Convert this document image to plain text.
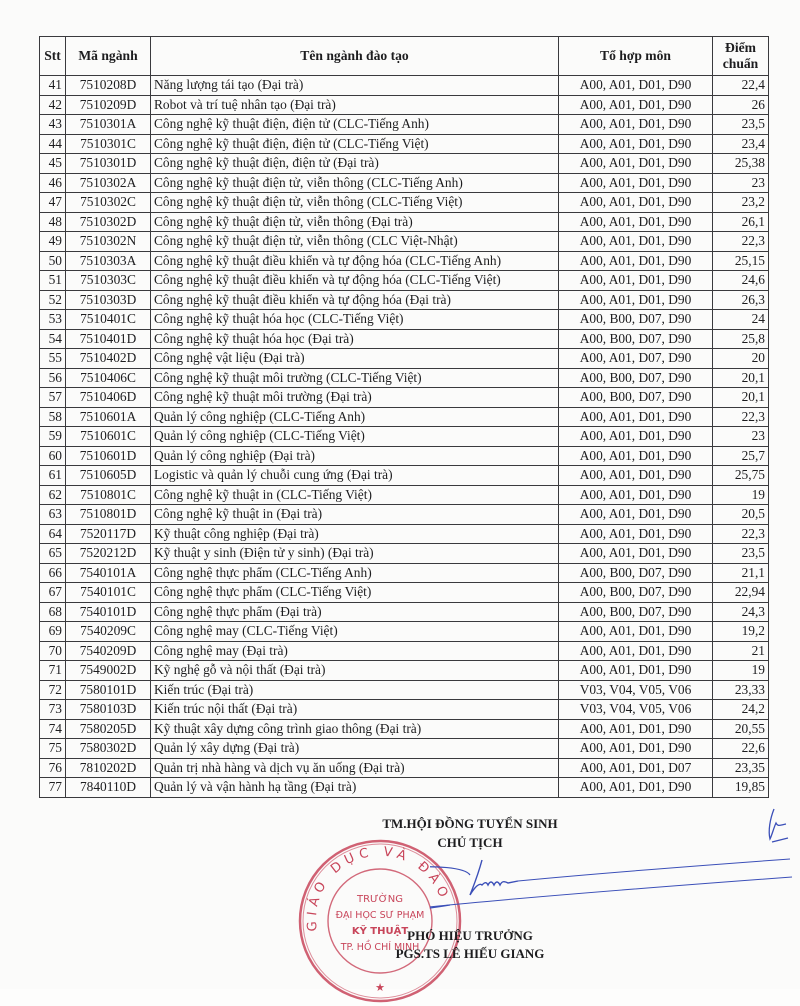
Stt	Mã ngành	Tên ngành đào tạo	Tổ hợp môn	Điểm
chuẩn

41	7510208D	Năng lượng tái tạo (Đại trà)	A00, A01, D01, D90	22,4
42	7510209D	Robot và trí tuệ nhân tạo (Đại trà)	A00, A01, D01, D90	26
43	7510301A	Công nghệ kỹ thuật điện, điện tử (CLC-Tiếng Anh)	A00, A01, D01, D90	23,5
44	7510301C	Công nghệ kỹ thuật điện, điện tử (CLC-Tiếng Việt)	A00, A01, D01, D90	23,4
45	7510301D	Công nghệ kỹ thuật điện, điện tử (Đại trà)	A00, A01, D01, D90	25,38
46	7510302A	Công nghệ kỹ thuật điện tử, viễn thông (CLC-Tiếng Anh)	A00, A01, D01, D90	23
47	7510302C	Công nghệ kỹ thuật điện tử, viễn thông (CLC-Tiếng Việt)	A00, A01, D01, D90	23,2
48	7510302D	Công nghệ kỹ thuật điện tử, viễn thông (Đại trà)	A00, A01, D01, D90	26,1
49	7510302N	Công nghệ kỹ thuật điện tử, viễn thông (CLC Việt-Nhật)	A00, A01, D01, D90	22,3
50	7510303A	Công nghệ kỹ thuật điều khiển và tự động hóa (CLC-Tiếng Anh)	A00, A01, D01, D90	25,15
51	7510303C	Công nghệ kỹ thuật điều khiển và tự động hóa (CLC-Tiếng Việt)	A00, A01, D01, D90	24,6
52	7510303D	Công nghệ kỹ thuật điều khiển và tự động hóa (Đại trà)	A00, A01, D01, D90	26,3
53	7510401C	Công nghệ kỹ thuật hóa học (CLC-Tiếng Việt)	A00, B00, D07, D90	24
54	7510401D	Công nghệ kỹ thuật hóa học (Đại trà)	A00, B00, D07, D90	25,8
55	7510402D	Công nghệ vật liệu (Đại trà)	A00, A01, D07, D90	20
56	7510406C	Công nghệ kỹ thuật môi trường (CLC-Tiếng Việt)	A00, B00, D07, D90	20,1
57	7510406D	Công nghệ kỹ thuật môi trường (Đại trà)	A00, B00, D07, D90	20,1
58	7510601A	Quản lý công nghiệp (CLC-Tiếng Anh)	A00, A01, D01, D90	22,3
59	7510601C	Quản lý công nghiệp (CLC-Tiếng Việt)	A00, A01, D01, D90	23
60	7510601D	Quản lý công nghiệp (Đại trà)	A00, A01, D01, D90	25,7
61	7510605D	Logistic và quản lý chuỗi cung ứng (Đại trà)	A00, A01, D01, D90	25,75
62	7510801C	Công nghệ kỹ thuật in (CLC-Tiếng Việt)	A00, A01, D01, D90	19
63	7510801D	Công nghệ kỹ thuật in (Đại trà)	A00, A01, D01, D90	20,5
64	7520117D	Kỹ thuật công nghiệp (Đại trà)	A00, A01, D01, D90	22,3
65	7520212D	Kỹ thuật y sinh (Điện tử y sinh) (Đại trà)	A00, A01, D01, D90	23,5
66	7540101A	Công nghệ thực phẩm (CLC-Tiếng Anh)	A00, B00, D07, D90	21,1
67	7540101C	Công nghệ thực phẩm (CLC-Tiếng Việt)	A00, B00, D07, D90	22,94
68	7540101D	Công nghệ thực phẩm (Đại trà)	A00, B00, D07, D90	24,3
69	7540209C	Công nghệ may (CLC-Tiếng Việt)	A00, A01, D01, D90	19,2
70	7540209D	Công nghệ may (Đại trà)	A00, A01, D01, D90	21
71	7549002D	Kỹ nghệ gỗ và nội thất (Đại trà)	A00, A01, D01, D90	19
72	7580101D	Kiến trúc (Đại trà)	V03, V04, V05, V06	23,33
73	7580103D	Kiến trúc nội thất (Đại trà)	V03, V04, V05, V06	24,2
74	7580205D	Kỹ thuật xây dựng công trình giao thông (Đại trà)	A00, A01, D01, D90	20,55
75	7580302D	Quản lý xây dựng (Đại trà)	A00, A01, D01, D90	22,6
76	7810202D	Quản trị nhà hàng và dịch vụ ăn uống (Đại trà)	A00, A01, D01, D07	23,35
77	7840110D	Quản lý và vận hành hạ tầng (Đại trà)	A00, A01, D01, D90	19,85
TM.HỘI ĐỒNG TUYỂN SINH
CHỦ TỊCH
GIÁO DỤC VÀ ĐÀO
TRƯỜNG
ĐẠI HỌC SƯ PHẠM
KỸ THUẬT
TP. HỒ CHÍ MINH
★
PHÓ HIỆU TRƯỞNG
PGS.TS LÊ HIẾU GIANG
